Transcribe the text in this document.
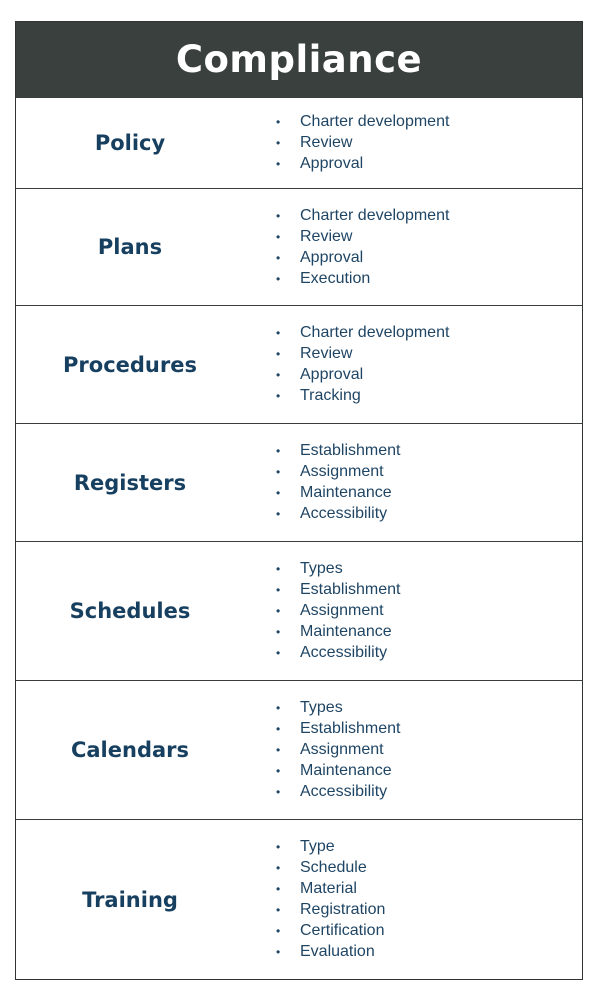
Compliance
Policy
•	Charter development
•	Review
•	Approval
Plans
•	Charter development
•	Review
•	Approval
•	Execution
Procedures
•	Charter development
•	Review
•	Approval
•	Tracking
Registers
•	Establishment
•	Assignment
•	Maintenance
•	Accessibility
Schedules
•	Types
•	Establishment
•	Assignment
•	Maintenance
•	Accessibility
Calendars
•	Types
•	Establishment
•	Assignment
•	Maintenance
•	Accessibility
Training
•	Type
•	Schedule
•	Material
•	Registration
•	Certification
•	Evaluation
